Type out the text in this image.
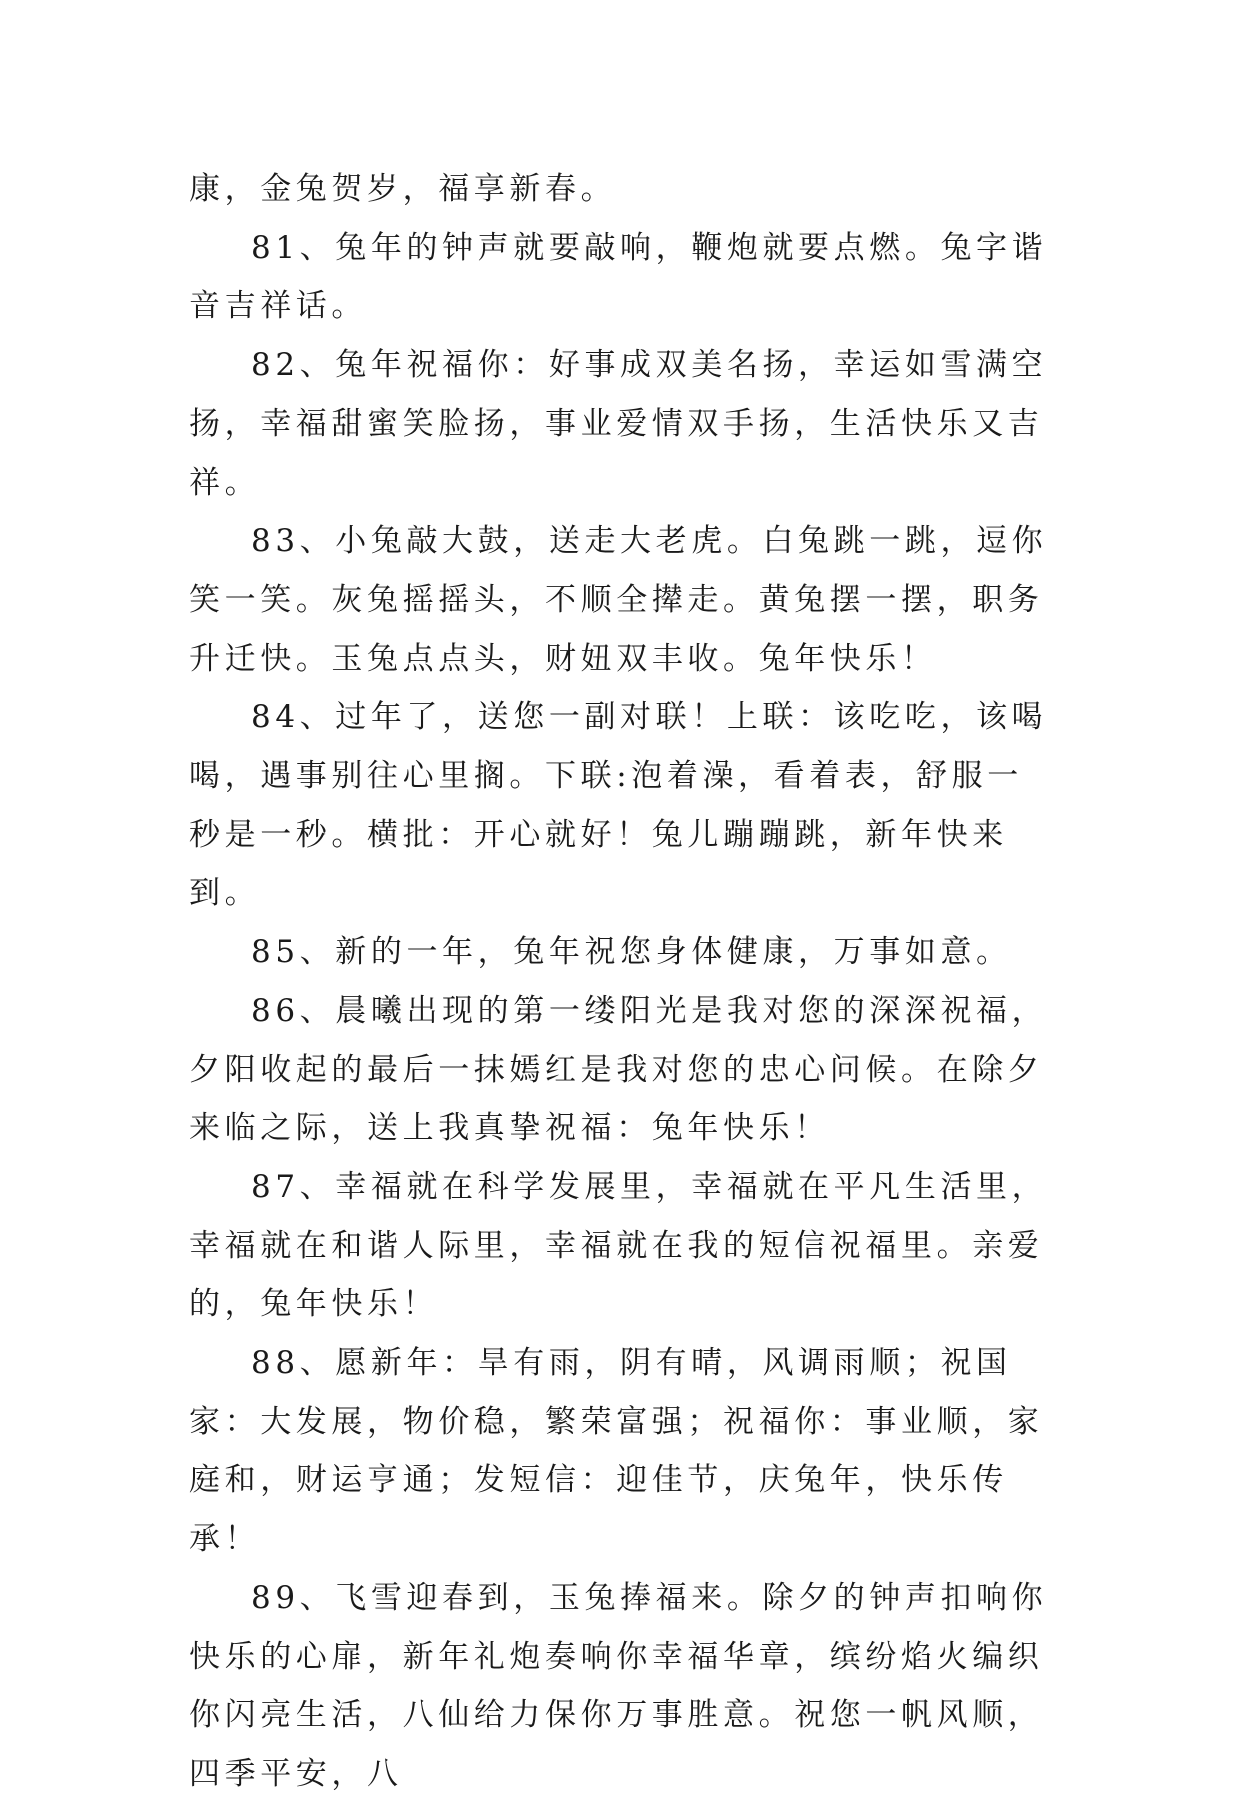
康，金兔贺岁，福享新春。

81、兔年的钟声就要敲响，鞭炮就要点燃。兔字谐音吉祥话。

82、兔年祝福你：好事成双美名扬，幸运如雪满空扬，幸福甜蜜笑脸扬，事业爱情双手扬，生活快乐又吉祥。

83、小兔敲大鼓，送走大老虎。白兔跳一跳，逗你笑一笑。灰兔摇摇头，不顺全撵走。黄兔摆一摆，职务升迁快。玉兔点点头，财妞双丰收。兔年快乐！

84、过年了，送您一副对联！上联：该吃吃，该喝喝，遇事别往心里搁。下联:泡着澡，看着表，舒服一秒是一秒。横批：开心就好！兔儿蹦蹦跳，新年快来到。

85、新的一年，兔年祝您身体健康，万事如意。

86、晨曦出现的第一缕阳光是我对您的深深祝福，夕阳收起的最后一抹嫣红是我对您的忠心问候。在除夕来临之际，送上我真挚祝福：兔年快乐！

87、幸福就在科学发展里，幸福就在平凡生活里，幸福就在和谐人际里，幸福就在我的短信祝福里。亲爱的，兔年快乐！

88、愿新年：旱有雨，阴有晴，风调雨顺；祝国家：大发展，物价稳，繁荣富强；祝福你：事业顺，家庭和，财运亨通；发短信：迎佳节，庆兔年，快乐传承！

89、飞雪迎春到，玉兔捧福来。除夕的钟声扣响你快乐的心扉，新年礼炮奏响你幸福华章，缤纷焰火编织你闪亮生活，八仙给力保你万事胜意。祝您一帆风顺，四季平安，八
